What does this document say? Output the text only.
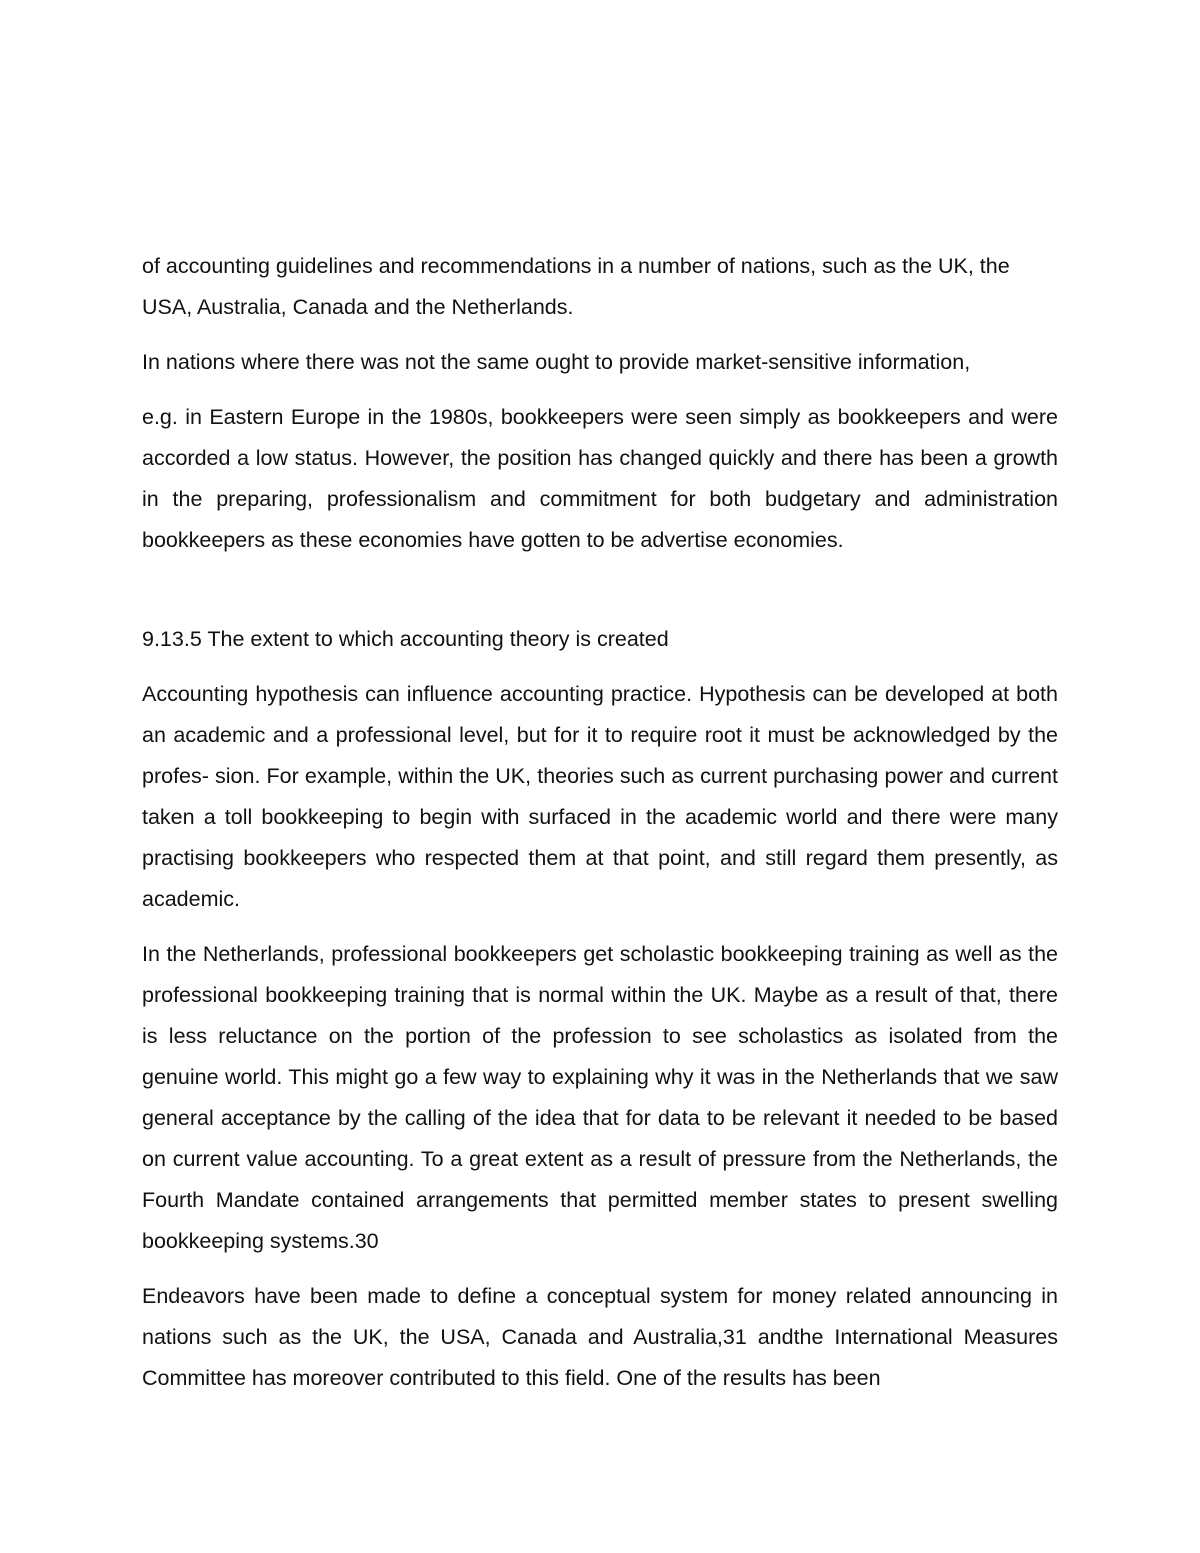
of accounting guidelines and recommendations in a number of nations, such as the UK, the USA, Australia, Canada and the Netherlands.

In nations where there was not the same ought to provide market-sensitive information,

e.g. in Eastern Europe in the 1980s, bookkeepers were seen simply as bookkeepers and were accorded a low status. However, the position has changed quickly and there has been a growth in the preparing, professionalism and commitment for both budgetary and administration bookkeepers as these economies have gotten to be advertise economies.

9.13.5 The extent to which accounting theory is created

Accounting hypothesis can influence accounting practice. Hypothesis can be developed at both an academic and a professional level, but for it to require root it must be acknowledged by the profes- sion. For example, within the UK, theories such as current purchasing power and current taken a toll bookkeeping to begin with surfaced in the academic world and there were many practising bookkeepers who respected them at that point, and still regard them presently, as academic.

In the Netherlands, professional bookkeepers get scholastic bookkeeping training as well as the professional bookkeeping training that is normal within the UK. Maybe as a result of that, there is less reluctance on the portion of the profession to see scholastics as isolated from the genuine world. This might go a few way to explaining why it was in the Netherlands that we saw general acceptance by the calling of the idea that for data to be relevant it needed to be based on current value accounting. To a great extent as a result of pressure from the Netherlands, the Fourth Mandate contained arrangements that permitted member states to present swelling bookkeeping systems.30

Endeavors have been made to define a conceptual system for money related announcing in nations such as the UK, the USA, Canada and Australia,31 andthe International Measures Committee has moreover contributed to this field. One of the results has been
